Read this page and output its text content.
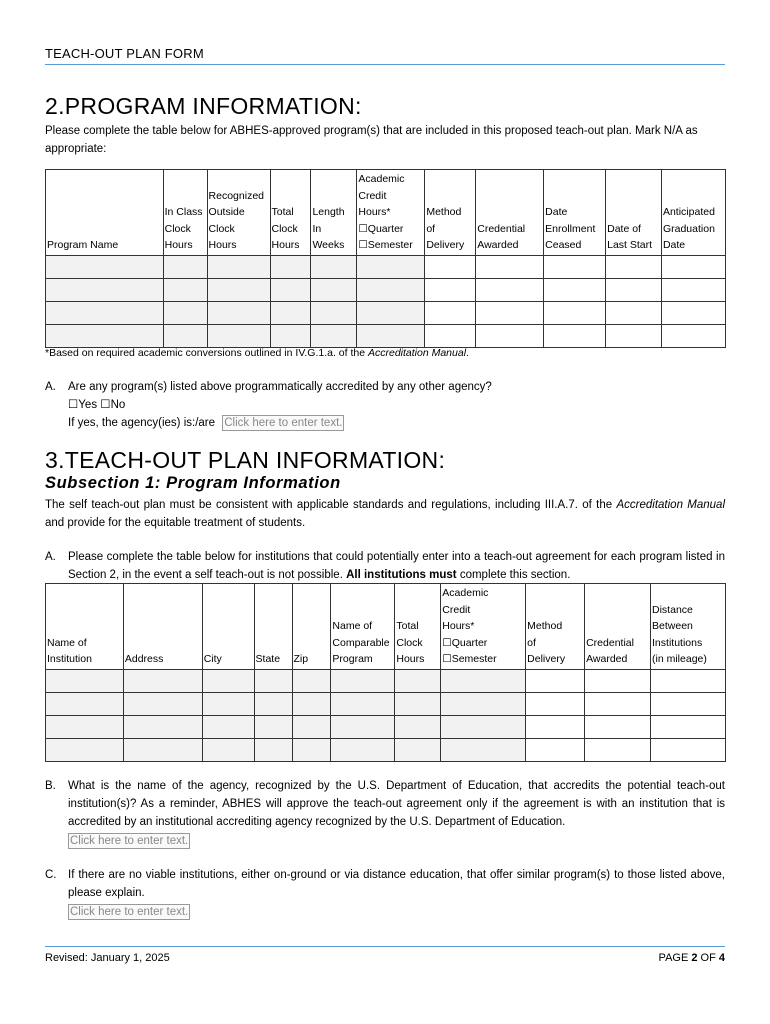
TEACH-OUT PLAN FORM
2.PROGRAM INFORMATION:
Please complete the table below for ABHES-approved program(s) that are included in this proposed teach-out plan. Mark N/A as appropriate:
Program Name	In Class
Clock
Hours	Recognized
Outside
Clock
Hours	Total
Clock
Hours	Length
In
Weeks	Academic
Credit
Hours*
☐Quarter
☐Semester	Method
of
Delivery	Credential
Awarded	Date
Enrollment
Ceased	Date of
Last Start	Anticipated
Graduation
Date

*Based on required academic conversions outlined in IV.G.1.a. of the Accreditation Manual.
A. Are any program(s) listed above programmatically accredited by any other agency?
☐Yes ☐No
If yes, the agency(ies) is:/are Click here to enter text.
3.TEACH-OUT PLAN INFORMATION:
Subsection 1: Program Information
The self teach-out plan must be consistent with applicable standards and regulations, including III.A.7. of the Accreditation Manual and provide for the equitable treatment of students.
A. Please complete the table below for institutions that could potentially enter into a teach-out agreement for each program listed in Section 2, in the event a self teach-out is not possible. All institutions must complete this section.
Name of
Institution	Address	City	State	Zip	Name of
Comparable
Program	Total
Clock
Hours	Academic
Credit
Hours*
☐Quarter
☐Semester	Method
of
Delivery	Credential
Awarded	Distance
Between
Institutions
(in mileage)

B. What is the name of the agency, recognized by the U.S. Department of Education, that accredits the potential teach-out institution(s)? As a reminder, ABHES will approve the teach-out agreement only if the agreement is with an institution that is accredited by an institutional accrediting agency recognized by the U.S. Department of Education.
Click here to enter text.
C. If there are no viable institutions, either on-ground or via distance education, that offer similar program(s) to those listed above, please explain.
Click here to enter text.
Revised: January 1, 2025	PAGE 2 OF 4
